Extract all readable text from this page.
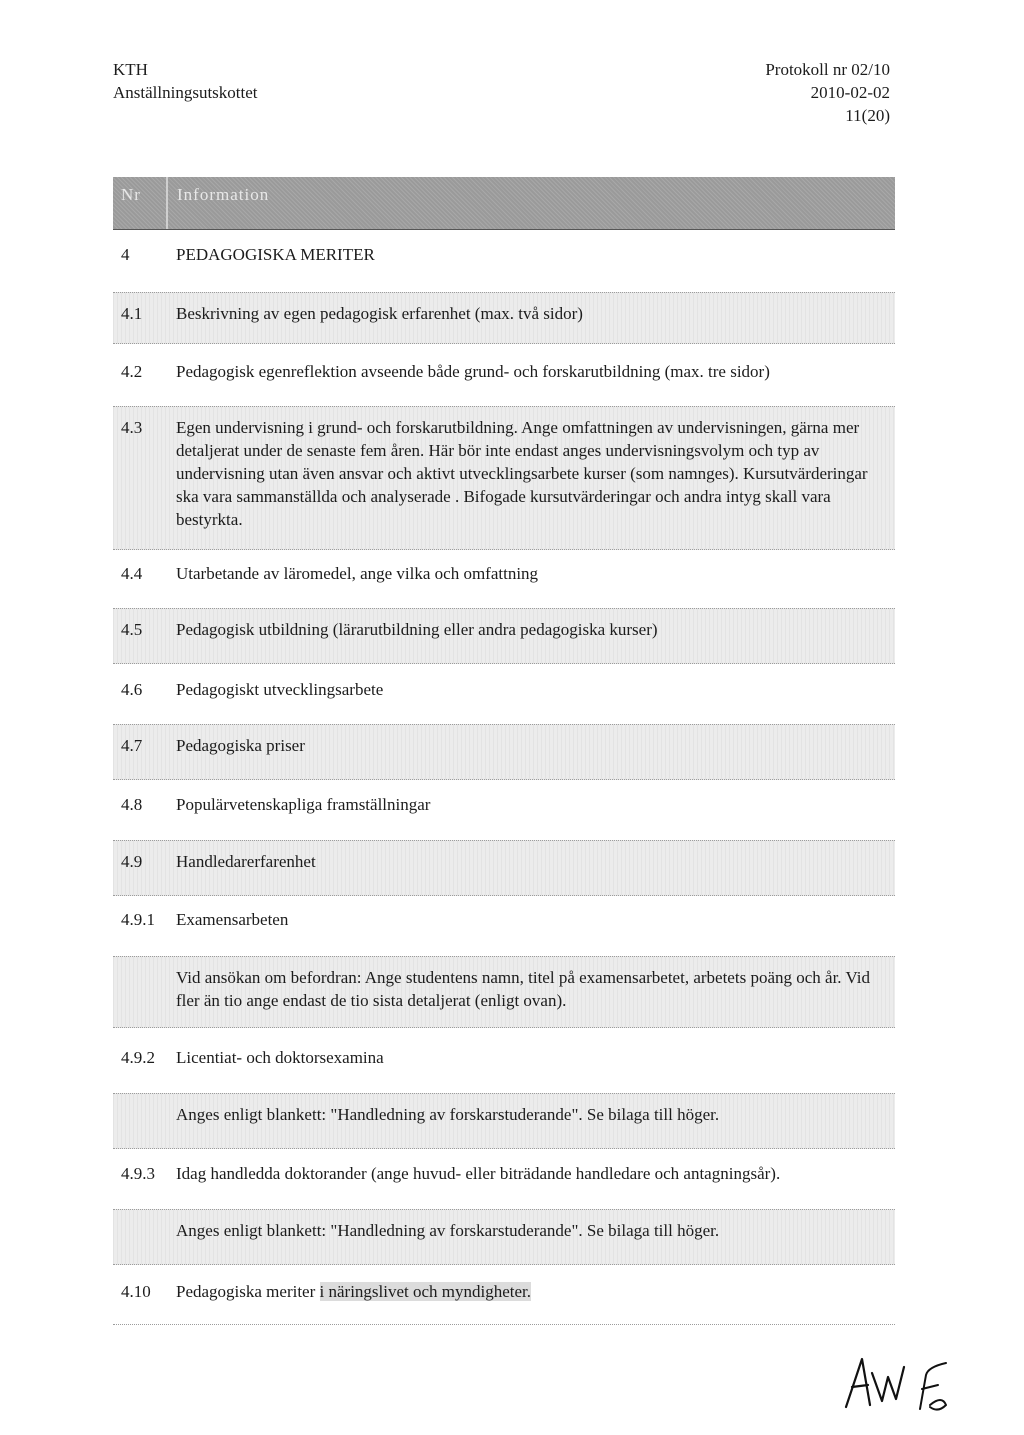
KTH
Anställningsutskottet
Protokoll nr 02/10
2010-02-02
11(20)
Nr Information
4	PEDAGOGISKA MERITER
4.1 Beskrivning av egen pedagogisk erfarenhet (max. två sidor)
4.2 Pedagogisk egenreflektion avseende både grund- och forskarutbildning (max. tre sidor)
4.3 Egen undervisning i grund- och forskarutbildning. Ange omfattningen av undervisningen, gärna mer detaljerat under de senaste fem åren. Här bör inte endast anges undervisningsvolym och typ av undervisning utan även ansvar och aktivt utvecklingsarbete kurser (som namnges). Kursutvärderingar ska vara sammanställda och analyserade . Bifogade kursutvärderingar och andra intyg skall vara bestyrkta.
4.4 Utarbetande av läromedel, ange vilka och omfattning
4.5 Pedagogisk utbildning (lärarutbildning eller andra pedagogiska kurser)
4.6 Pedagogiskt utvecklingsarbete
4.7 Pedagogiska priser
4.8 Populärvetenskapliga framställningar
4.9 Handledarerfarenhet
4.9.1 Examensarbeten
Vid ansökan om befordran: Ange studentens namn, titel på examensarbetet, arbetets poäng och år. Vid fler än tio ange endast de tio sista detaljerat (enligt ovan).
4.9.2 Licentiat- och doktorsexamina
Anges enligt blankett: "Handledning av forskarstuderande". Se bilaga till höger.
4.9.3 Idag handledda doktorander (ange huvud- eller biträdande handledare och antagningsår).
Anges enligt blankett: "Handledning av forskarstuderande". Se bilaga till höger.
4.10 Pedagogiska meriter i näringslivet och myndigheter.
